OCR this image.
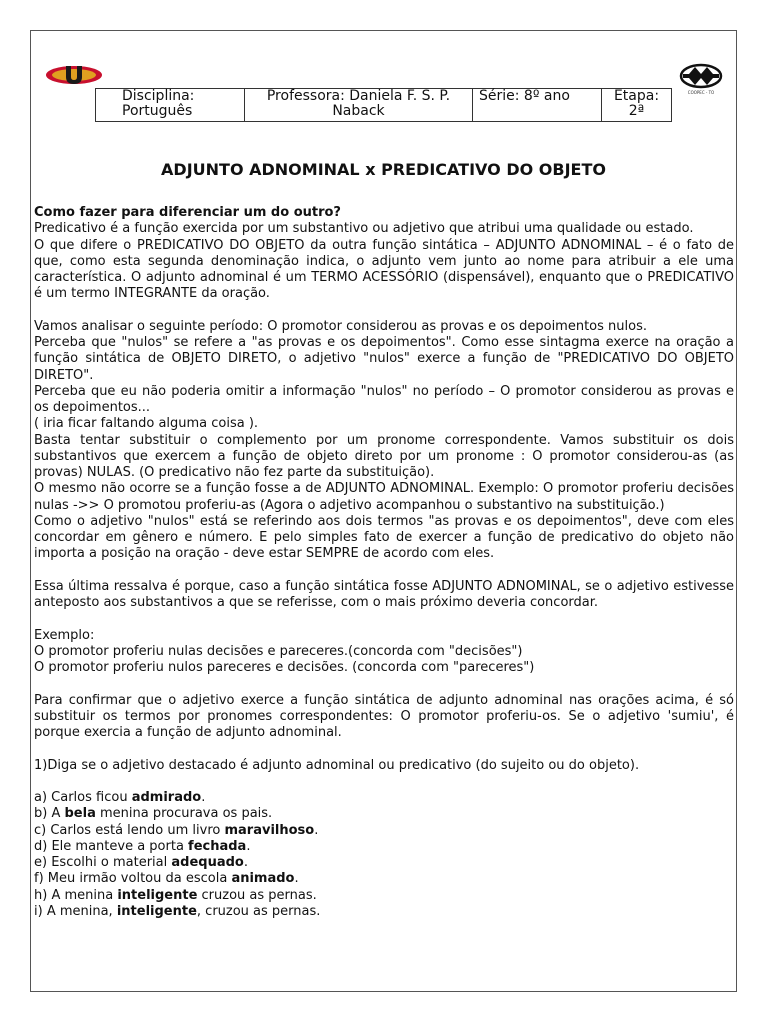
COOPEC - TO
Disciplina: Português	Professora: Daniela F. S. P. Naback	Série: 8º ano	Etapa: 2ª
ADJUNTO ADNOMINAL x PREDICATIVO DO OBJETO

Como fazer para diferenciar um do outro?

Predicativo é a função exercida por um substantivo ou adjetivo que atribui uma qualidade ou estado.

O que difere o PREDICATIVO DO OBJETO da outra função sintática – ADJUNTO ADNOMINAL – é o fato de que, como esta segunda denominação indica, o adjunto vem junto ao nome para atribuir a ele uma característica. O adjunto adnominal é um TERMO ACESSÓRIO (dispensável), enquanto que o PREDICATIVO é um termo INTEGRANTE da oração.

Vamos analisar o seguinte período: O promotor considerou as provas e os depoimentos nulos.

Perceba que "nulos" se refere a "as provas e os depoimentos". Como esse sintagma exerce na oração a função sintática de OBJETO DIRETO, o adjetivo "nulos" exerce a função de "PREDICATIVO DO OBJETO DIRETO".

Perceba que eu não poderia omitir a informação "nulos" no período – O promotor considerou as provas e os depoimentos...

( iria ficar faltando alguma coisa ).

Basta tentar substituir o complemento por um pronome correspondente. Vamos substituir os dois substantivos que exercem a função de objeto direto por um pronome : O promotor considerou-as (as provas) NULAS. (O predicativo não fez parte da substituição).

O mesmo não ocorre se a função fosse a de ADJUNTO ADNOMINAL. Exemplo: O promotor proferiu decisões nulas ->> O promotou proferiu-as (Agora o adjetivo acompanhou o substantivo na substituição.)

Como o adjetivo "nulos" está se referindo aos dois termos "as provas e os depoimentos", deve com eles concordar em gênero e número. E pelo simples fato de exercer a função de predicativo do objeto não importa a posição na oração - deve estar SEMPRE de acordo com eles.

Essa última ressalva é porque, caso a função sintática fosse ADJUNTO ADNOMINAL, se o adjetivo estivesse anteposto aos substantivos a que se referisse, com o mais próximo deveria concordar.

Exemplo:

O promotor proferiu nulas decisões e pareceres.(concorda com "decisões")

O promotor proferiu nulos pareceres e decisões. (concorda com "pareceres")

Para confirmar que o adjetivo exerce a função sintática de adjunto adnominal nas orações acima, é só substituir os termos por pronomes correspondentes: O promotor proferiu-os. Se o adjetivo 'sumiu', é porque exercia a função de adjunto adnominal.

1)Diga se o adjetivo destacado é adjunto adnominal ou predicativo (do sujeito ou do objeto).

a) Carlos ficou admirado.

b) A bela menina procurava os pais.

c) Carlos está lendo um livro maravilhoso.

d) Ele manteve a porta fechada.

e) Escolhi o material adequado.

f) Meu irmão voltou da escola animado.

h) A menina inteligente cruzou as pernas.

i) A menina, inteligente, cruzou as pernas.
